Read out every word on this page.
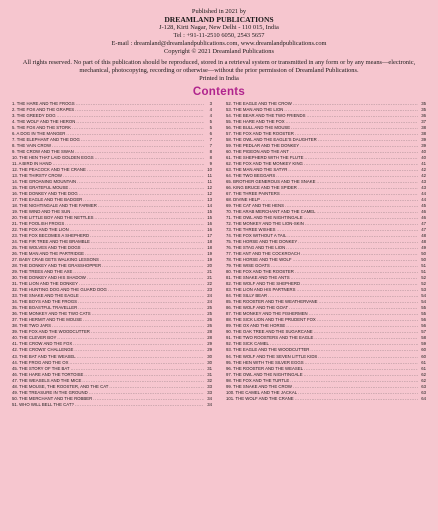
Published in 2021 by
DREAMLAND PUBLICATIONS
J-128, Kirti Nagar, New Delhi - 110 015, India
Tel : +91-11-2510 6050, 2543 5657
E-mail : dreamland@dreamlandpublications.com, www.dreamlandpublications.com
Copyright © 2021 Dreamland Publications
All rights reserved. No part of this publication should be reproduced, stored in a retrieval system or transmitted in any form or by any means—electronic, mechanical, photocopying, recording or otherwise—without the prior permission of Dreamland Publications.
Printed in India
Contents
1. THE HARE AND THE FROGS .....	3
2. THE FOX AND THE GRAPES .....	4
3. THE GREEDY DOG .....	4
4. THE WOLF AND THE HERON .....	5
5. THE FOX AND THE STORK .....	5
6. A DOG IN THE MANGER .....	6
7. THE ELEPHANT AND THE DOG .....	7
8. THE VAIN CROW .....	7
9. THE CROW AND THE SWAN .....	8
10. THE HEN THAT LAID GOLDEN EGGS .....	8
11. A BIRD IN HAND .....	9
12. THE PEACOCK AND THE CRANE .....	10
13. THE THIRSTY CROW .....	11
14. THE GROANING MOUNTAIN .....	11
15. THE GRATEFUL MOUSE .....	12
16. THE DONKEY AND THE DOG .....	12
17. THE EAGLE AND THE BADGER .....	13
18. THE NIGHTINGALE AND THE FARMER .....	14
19. THE WIND AND THE SUN .....	15
20. THE LITTLE BOY AND THE NETTLES .....	15
21. THE FOOLISH FROGS .....	16
22. THE FOX AND THE LION .....	16
23. THE FOX BECOMES A SHEPHERD .....	17
24. THE FIR TREE AND THE BRAMBLE .....	18
25. THE WOLVES AND THE DOGS .....	18
26. THE MAN AND THE PARTRIDGE .....	19
27. BABY CRAB GETS WALKING LESSONS .....	19
28. THE DONKEY AND THE GRASSHOPPER .....	20
29. THE TREES AND THE AXE .....	21
30. THE DONKEY AND HIS SHADOW .....	21
31. THE LION AND THE DONKEY .....	22
32. THE HUNTING DOG AND THE GUARD DOG .....	23
33. THE SNAKE AND THE EAGLE .....	24
34. THE BOYS AND THE FROGS .....	24
35. THE BOASTFUL TRAVELLER .....	25
36. THE MONKEY AND THE TWO CATS .....	25
37. THE HERMIT AND THE MOUSE .....	26
38. THE TWO JARS .....	26
39. THE FOX AND THE WOODCUTTER .....	28
40. THE CLEVER BOY .....	28
41. THE CROW AND THE FOX .....	29
42. THE CROWS' CHALLENGE .....	29
43. THE BAT AND THE WEASEL .....	30
44. THE FROG AND THE OX .....	30
45. THE STORY OF THE BAT .....	31
46. THE HARE AND THE TORTOISE .....	31
47. THE WEASELS AND THE MICE .....	32
48. THE MOUSE, THE ROOSTER, AND THE CAT .....	33
49. THE TREASURE IN THE GROUND .....	33
50. THE MERCHANT AND THE ROBBER .....	34
51. WHO WILL BELL THE CAT? .....	34
52. THE EAGLE AND THE CROW .....	35
53. THE MAN AND THE LION .....	35
54. THE BEAR AND THE TWO FRIENDS .....	36
55. THE HARE AND THE FOX .....	37
56. THE BULL AND THE MOUSE .....	38
57. THE FOX AND THE ROOSTER .....	38
58. THE OWL AND THE EAGLE'S DAUGHTER .....	39
59. THE PEDLAR AND THE DONKEY .....	39
60. THE PIGEON AND THE ANT .....	40
61. THE SHEPHERD WITH THE FLUTE .....	40
62. THE FOX AND THE MONKEY KING .....	41
63. THE MAN AND THE SATYR .....	42
64. THE TWO BEGGARS .....	42
65. BROTHER GENEROUS AND THE SNAKE .....	43
66. KING BRUCE AND THE SPIDER .....	43
67. THE THREE PAINTERS .....	44
68. DIVINE HELP .....	44
69. THE CAT AND THE HENS .....	45
70. THE ARAB MERCHANT AND THE CAMEL .....	46
71. THE OWL AND THE NIGHTINGALE .....	46
72. THE MONKEY AND THE LION-SKIN .....	47
73. THE THREE WISHES .....	47
74. THE FOX WITHOUT A TAIL .....	48
75. THE HORSE AND THE DONKEY .....	48
76. THE STAG AND THE LION .....	49
77. THE ANT AND THE COCKROACH .....	50
78. THE HORSE AND THE WOLF .....	50
79. THE WISE GOATS .....	51
80. THE FOX AND THE ROOSTER .....	51
81. THE SNAKE AND THE ANTS .....	52
82. THE WOLF AND THE SHEPHERD .....	52
83. THE LION AND HIS PARTNERS .....	53
84. THE SILLY BEAR .....	54
85. THE ROOSTER AND THE WEATHERVANE .....	54
86. THE WOLF AND THE GOAT .....	55
87. THE MONKEY AND THE FISHERMEN .....	55
88. THE SICK LION AND THE PRUDENT FOX .....	56
89. THE OX AND THE HORSE .....	56
90. THE OAK TREE AND THE SUGARCANE .....	57
91. THE TWO ROOSTERS AND THE EAGLE .....	58
92. THE SICK CAMEL .....	59
93. THE EAGLE AND THE WOODCUTTER .....	60
94. THE WOLF AND THE SEVEN LITTLE KIDS .....	60
95. THE HEN WITH THE SILVER EGGS .....	61
96. THE ROOSTER AND THE WEASEL .....	61
97. THE OWL AND THE NIGHTINGALE .....	62
98. THE FOX AND THE TURTLE .....	62
99. THE SNAKE AND THE CROW .....	63
100. THE CAMEL AND THE JACKAL .....	63
101. THE WOLF AND THE CRANE .....	64
